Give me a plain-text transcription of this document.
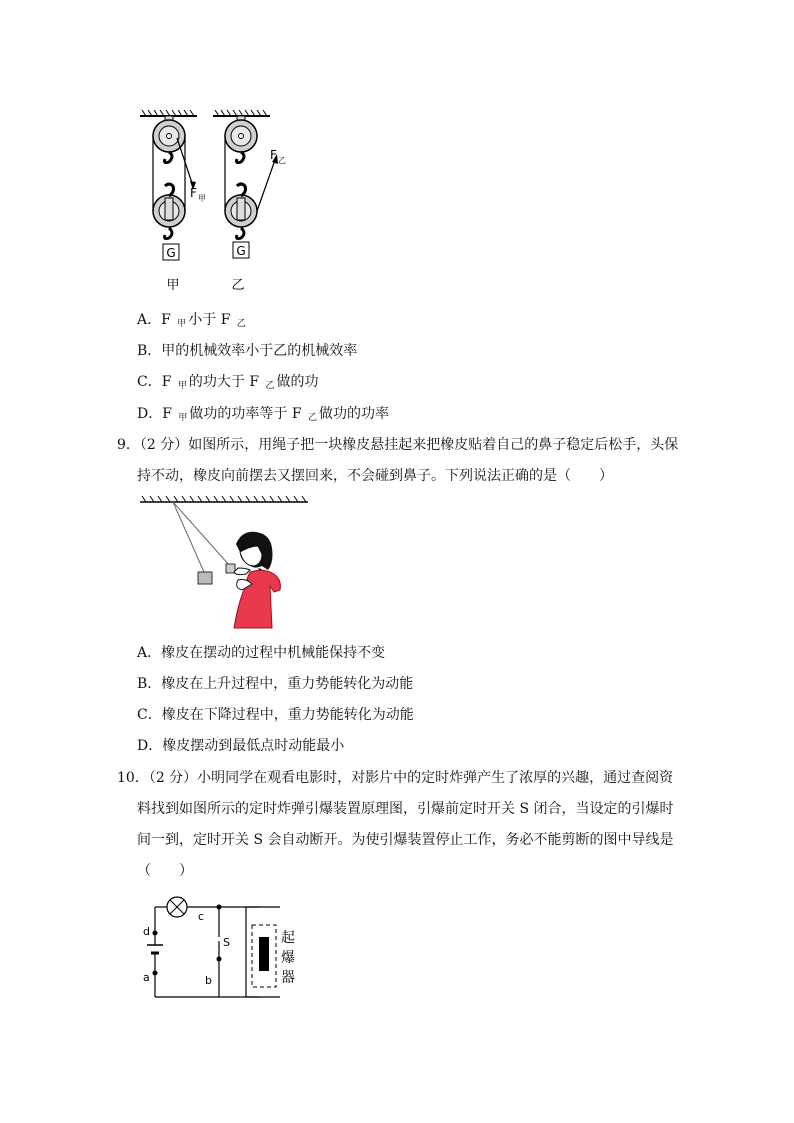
G
F 甲
G
F 乙
甲	乙
A．F $_甲$ 小于 F $_乙$
B．甲的机械效率小于乙的机械效率
C．F $_甲$ 的功大于 F $_乙$ 做的功
D．F $_甲$ 做功的功率等于 F $_乙$ 做功的功率
9．（2 分）如图所示，用绳子把一块橡皮悬挂起来把橡皮贴着自己的鼻子稳定后松手，头保
持不动，橡皮向前摆去又摆回来，不会碰到鼻子。下列说法正确的是（　　）
A．橡皮在摆动的过程中机械能保持不变
B．橡皮在上升过程中，重力势能转化为动能
C．橡皮在下降过程中，重力势能转化为动能
D．橡皮摆动到最低点时动能最小
10．（2 分）小明同学在观看电影时，对影片中的定时炸弹产生了浓厚的兴趣，通过查阅资
料找到如图所示的定时炸弹引爆装置原理图，引爆前定时开关 S 闭合，当设定的引爆时
间一到，定时开关 S 会自动断开。为使引爆装置停止工作，务必不能剪断的图中导线是
（　　）
d
a
c
b
S	起
爆
器
